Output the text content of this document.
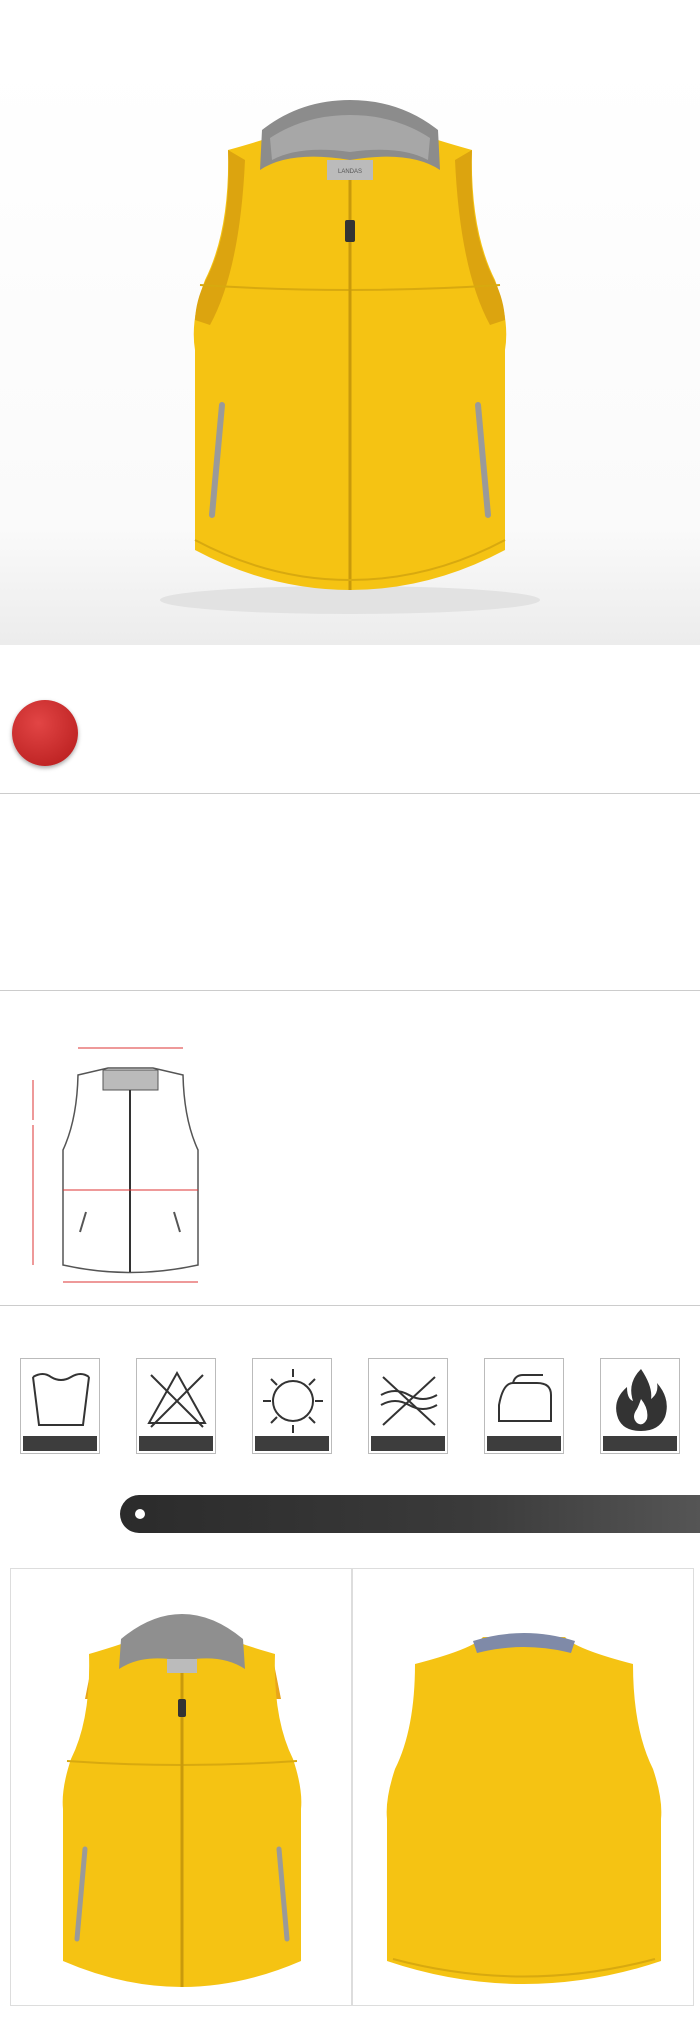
LANDAS
